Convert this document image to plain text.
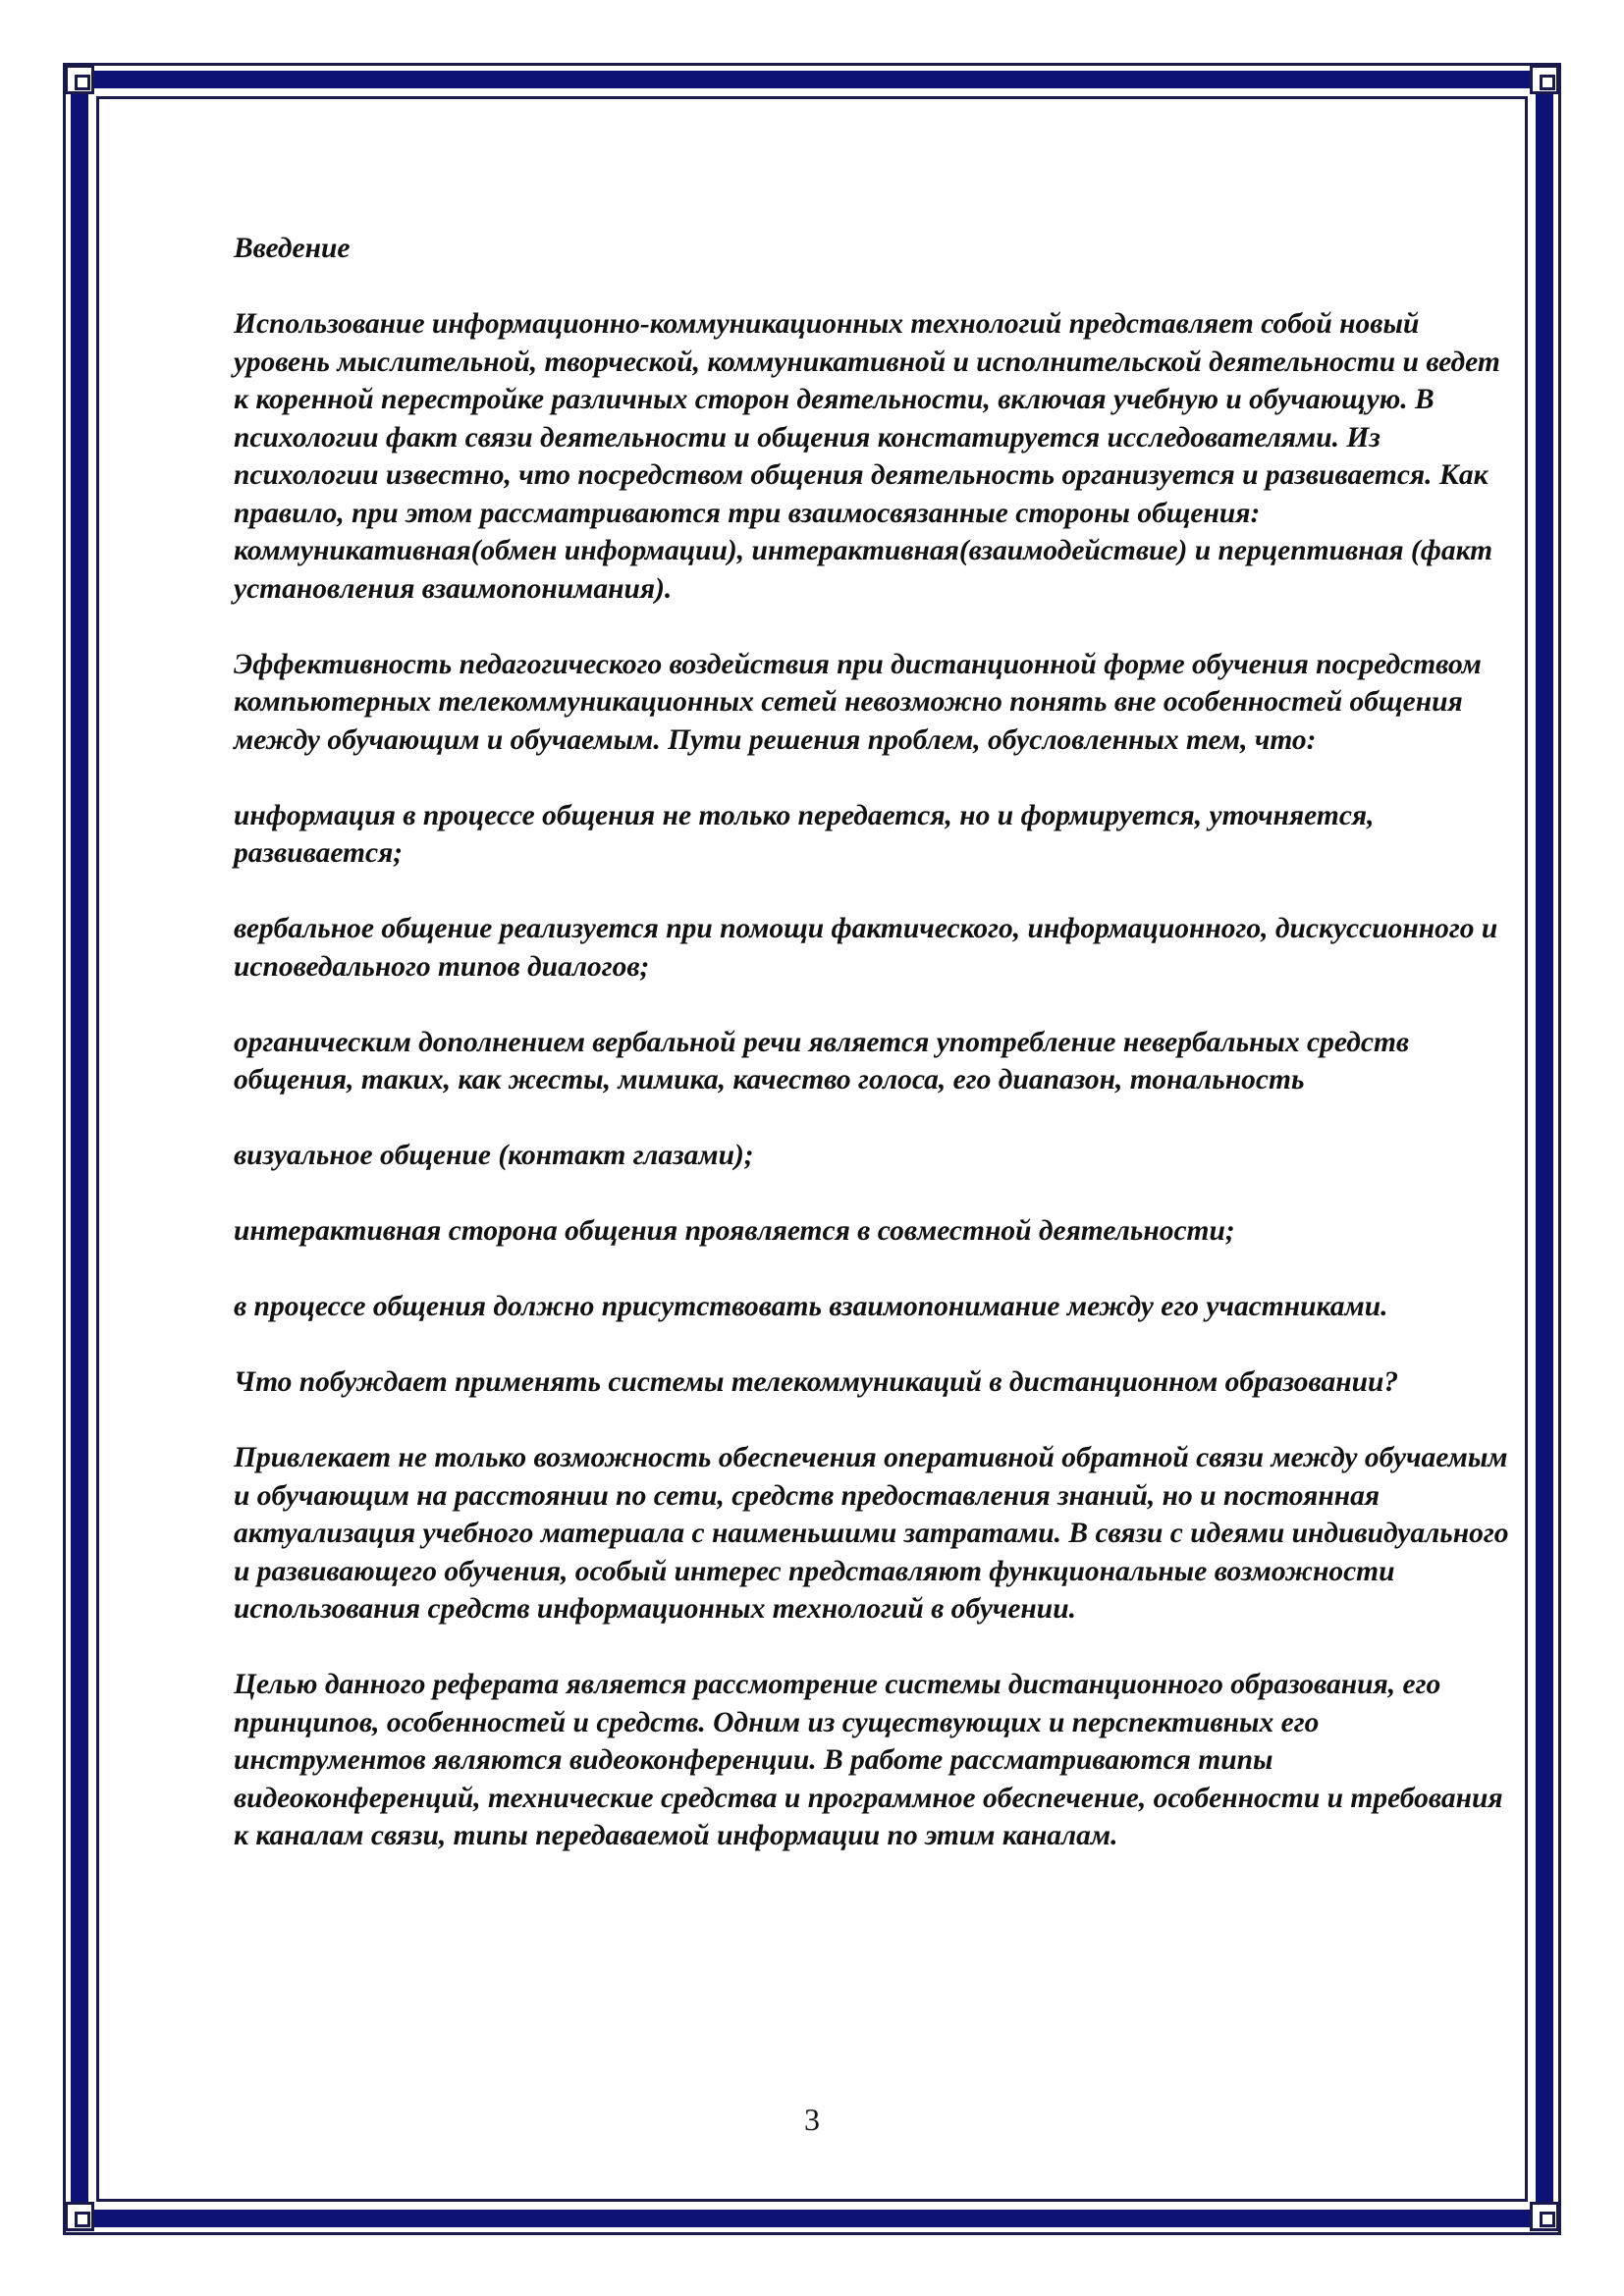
Введение

Использование информационно-коммуникационных технологий представляет собой новый уровень мыслительной, творческой, коммуникативной и исполнительской деятельности и ведет к коренной перестройке различных сторон деятельности, включая учебную и обучающую. В психологии факт связи деятельности и общения констатируется исследователями. Из психологии известно, что посредством общения деятельность организуется и развивается. Как правило, при этом рассматриваются три взаимосвязанные стороны общения: коммуникативная(обмен информации), интерактивная(взаимодействие) и перцептивная (факт установления взаимопонимания).

Эффективность педагогического воздействия при дистанционной форме обучения посредством компьютерных телекоммуникационных сетей невозможно понять вне особенностей общения между обучающим и обучаемым. Пути решения проблем, обусловленных тем, что:

информация в процессе общения не только передается, но и формируется, уточняется, развивается;

вербальное общение реализуется при помощи фактического, информационного, дискуссионного и исповедального типов диалогов;

органическим дополнением вербальной речи является употребление невербальных средств общения, таких, как жесты, мимика, качество голоса, его диапазон, тональность

визуальное общение (контакт глазами);

интерактивная сторона общения проявляется в совместной деятельности;

в процессе общения должно присутствовать взаимопонимание между его участниками.

Что побуждает применять системы телекоммуникаций в дистанционном образовании?

Привлекает не только возможность обеспечения оперативной обратной связи между обучаемым и обучающим на расстоянии по сети, средств предоставления знаний, но и постоянная актуализация учебного материала с наименьшими затратами. В связи с идеями индивидуального и развивающего обучения, особый интерес представляют функциональные возможности использования средств информационных технологий в обучении.

Целью данного реферата является рассмотрение системы дистанционного образования, его принципов, особенностей и средств. Одним из существующих и перспективных его инструментов являются видеоконференции. В работе рассматриваются типы видеоконференций, технические средства и программное обеспечение, особенности и требования к каналам связи, типы передаваемой информации по этим каналам.

3
